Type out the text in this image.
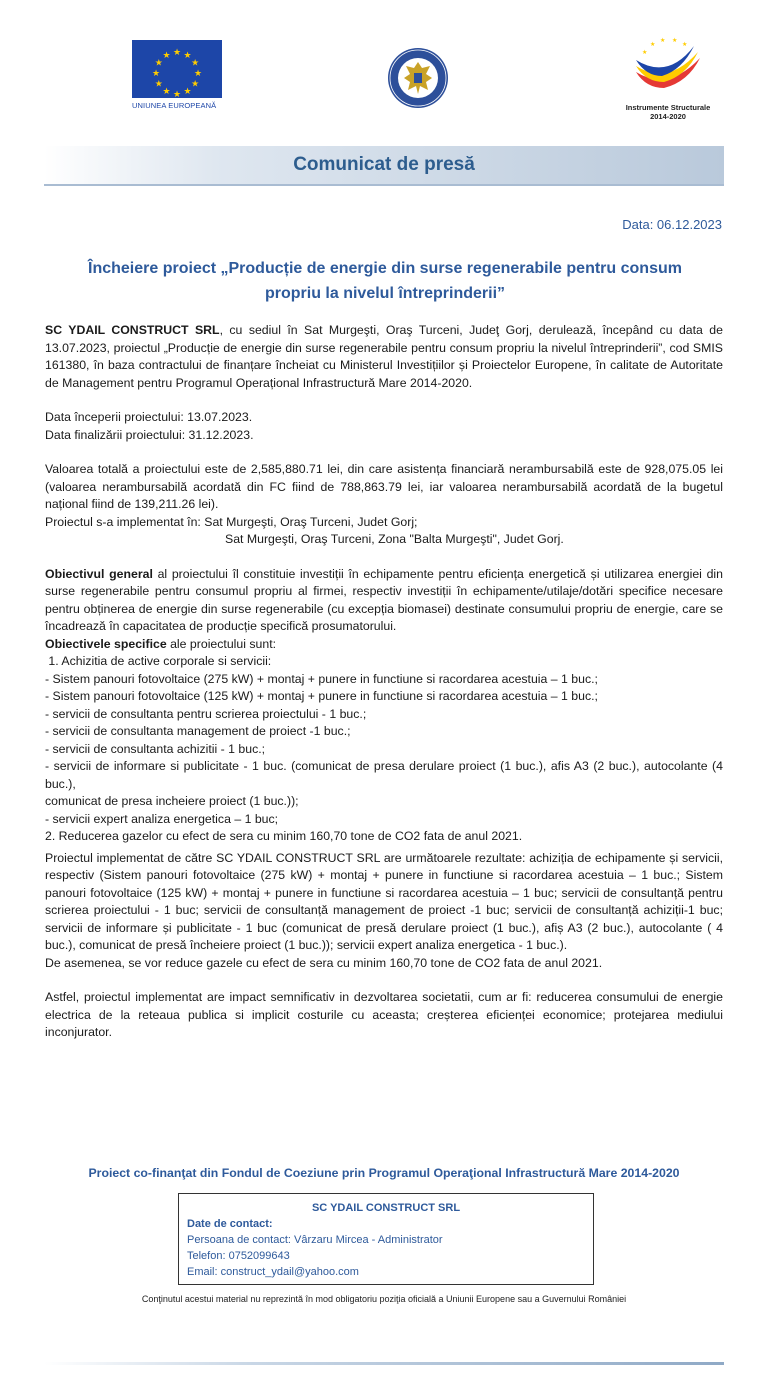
★ ★
★
★
★
★
★
★
★
★
★
★
UNIUNEA EUROPEANĂ
★
★ ★
★
★
Instrumente Structurale
2014-2020
Comunicat de presă
Data: 06.12.2023
Încheiere proiect „Producție de energie din surse regenerabile pentru consum
propriu la nivelul întreprinderii”

SC YDAIL CONSTRUCT SRL, cu sediul în Sat Murgeşti, Oraş Turceni, Judeţ Gorj, derulează, începând cu data de 13.07.2023, proiectul „Producție de energie din surse regenerabile pentru consum propriu la nivelul întreprinderii”, cod SMIS 161380, în baza contractului de finanțare încheiat cu Ministerul Investițiilor și Proiectelor Europene, în calitate de Autoritate de Management pentru Programul Operațional Infrastructură Mare 2014-2020.

Data începerii proiectului: 13.07.2023.

Data finalizării proiectului: 31.12.2023.

Valoarea totală a proiectului este de 2,585,880.71 lei, din care asistența financiară nerambursabilă este de 928,075.05 lei (valoarea nerambursabilă acordată din FC fiind de 788,863.79 lei, iar valoarea nerambursabilă acordată de la bugetul național fiind de 139,211.26 lei).

Proiectul s-a implementat în: Sat Murgeşti, Oraş Turceni, Judet Gorj;

Sat Murgeşti, Oraş Turceni, Zona "Balta Murgeşti", Judet Gorj.

Obiectivul general al proiectului îl constituie investiții în echipamente pentru eficiența energetică și utilizarea energiei din surse regenerabile pentru consumul propriu al firmei, respectiv investiții în echipamente/utilaje/dotări specifice necesare pentru obținerea de energie din surse regenerabile (cu excepția biomasei) destinate consumului propriu de energie, care se încadrează în capacitatea de producție specifică prosumatorului.

Obiectivele specifice ale proiectului sunt:

1. Achizitia de active corporale si servicii:

- Sistem panouri fotovoltaice (275 kW) + montaj + punere in functiune si racordarea acestuia – 1 buc.;

- Sistem panouri fotovoltaice (125 kW) + montaj + punere in functiune si racordarea acestuia – 1 buc.;

- servicii de consultanta pentru scrierea proiectului - 1 buc.;

- servicii de consultanta management de proiect -1 buc.;

- servicii de consultanta achizitii - 1 buc.;

- servicii de informare si publicitate - 1 buc. (comunicat de presa derulare proiect (1 buc.), afis A3 (2 buc.), autocolante (4 buc.),

comunicat de presa incheiere proiect (1 buc.));

- servicii expert analiza energetica – 1 buc;

2. Reducerea gazelor cu efect de sera cu minim 160,70 tone de CO2 fata de anul 2021.

Proiectul implementat de către SC YDAIL CONSTRUCT SRL are următoarele rezultate: achiziția de echipamente și servicii, respectiv (Sistem panouri fotovoltaice (275 kW) + montaj + punere in functiune si racordarea acestuia – 1 buc.; Sistem panouri fotovoltaice (125 kW) + montaj + punere in functiune si racordarea acestuia – 1 buc; servicii de consultanță pentru scrierea proiectului - 1 buc; servicii de consultanță management de proiect -1 buc; servicii de consultanță achiziții-1 buc; servicii de informare și publicitate - 1 buc (comunicat de presă derulare proiect (1 buc.), afiș A3 (2 buc.), autocolante ( 4 buc.), comunicat de presă încheiere proiect (1 buc.)); servicii expert analiza energetica - 1 buc.).

De asemenea, se vor reduce gazele cu efect de sera cu minim 160,70 tone de CO2 fata de anul 2021.

Astfel, proiectul implementat are impact semnificativ in dezvoltarea societatii, cum ar fi: reducerea consumului de energie electrica de la reteaua publica si implicit costurile cu aceasta; creșterea eficienței economice; protejarea mediului inconjurator.

Proiect co-finanţat din Fondul de Coeziune prin Programul Operaţional Infrastructură Mare 2014-2020
SC YDAIL CONSTRUCT SRL
Date de contact:
Persoana de contact: Vârzaru Mircea - Administrator
Telefon: 0752099643
Email: construct_ydail@yahoo.com
Conţinutul acestui material nu reprezintă în mod obligatoriu poziţia oficială a Uniunii Europene sau a Guvernului României
